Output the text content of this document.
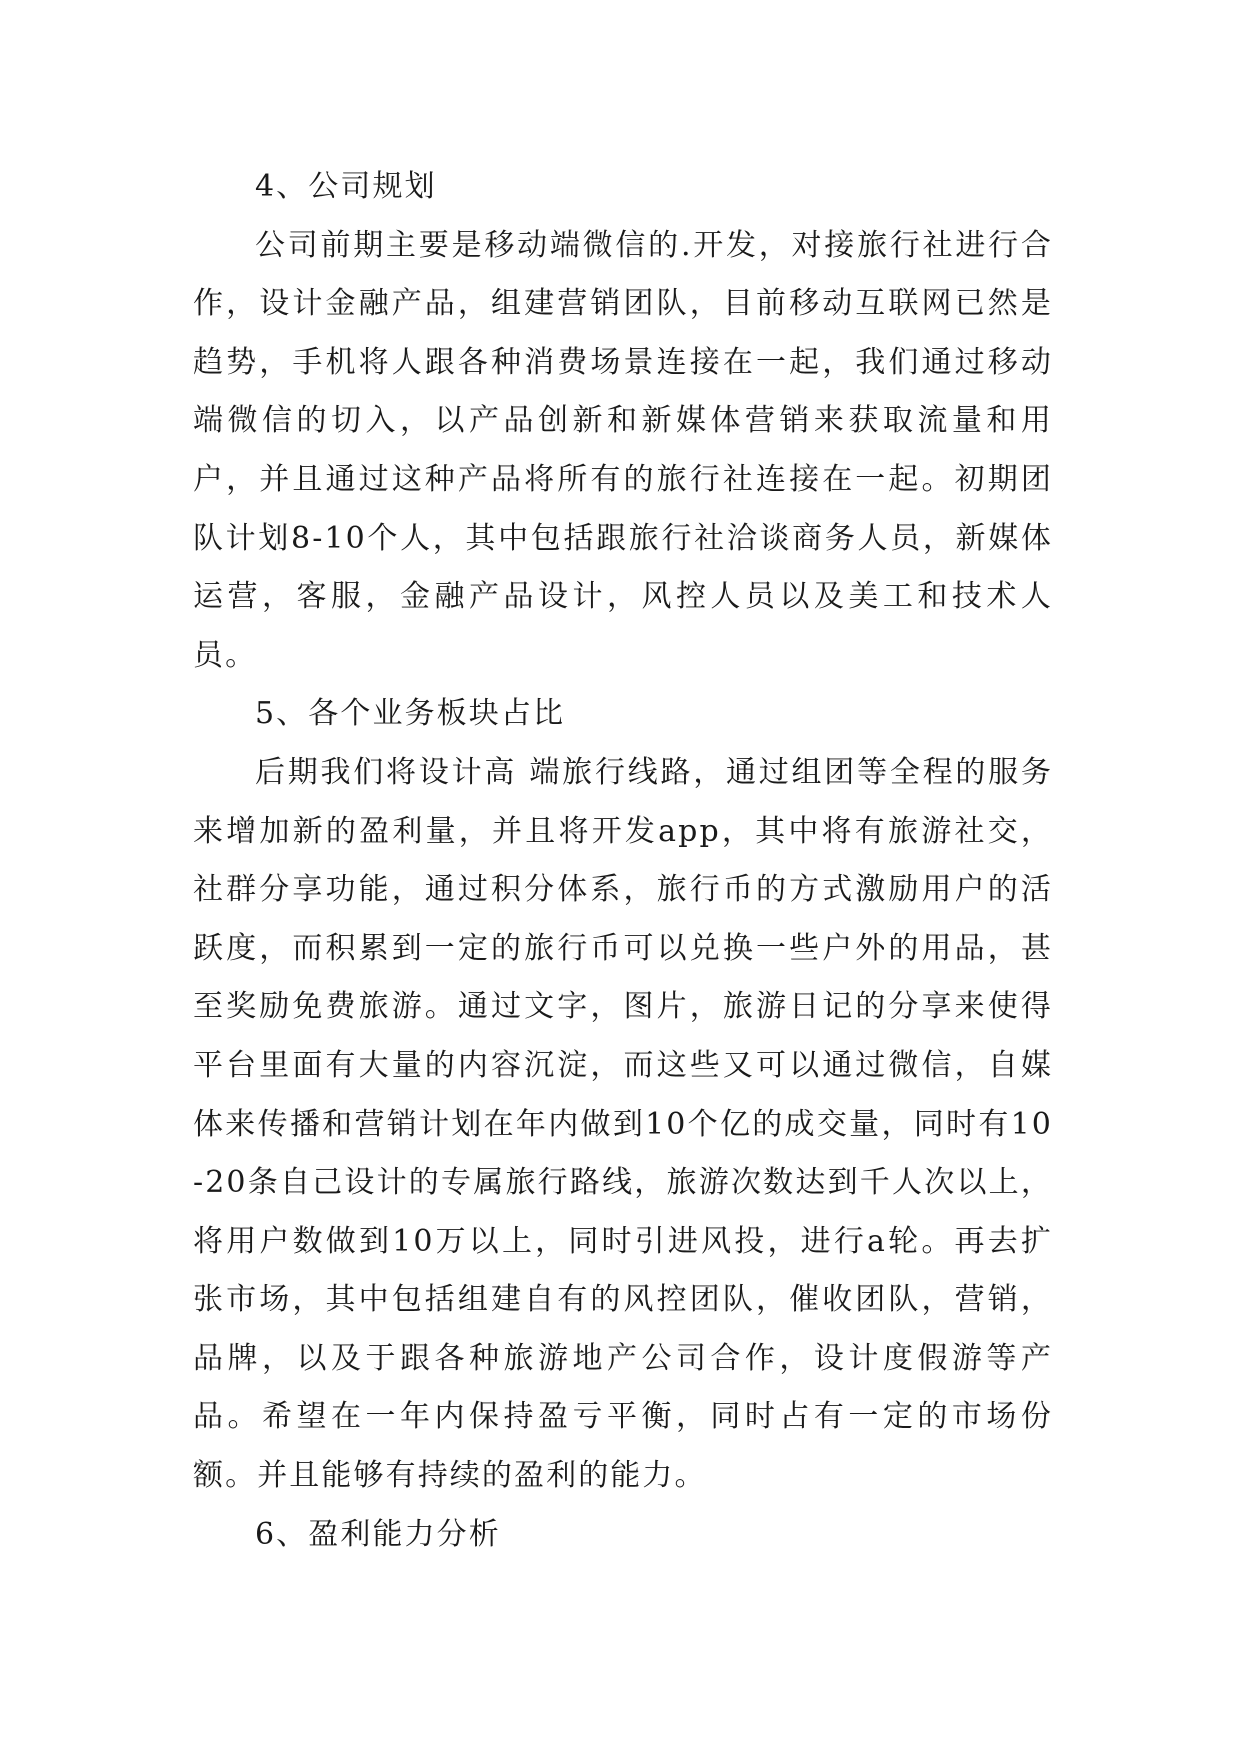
4、公司规划

公司前期主要是移动端微信的.开发，对接旅行社进行合作，设计金融产品，组建营销团队，目前移动互联网已然是趋势，手机将人跟各种消费场景连接在一起，我们通过移动端微信的切入，以产品创新和新媒体营销来获取流量和用户，并且通过这种产品将所有的旅行社连接在一起。初期团队计划8-10个人，其中包括跟旅行社洽谈商务人员，新媒体运营，客服，金融产品设计，风控人员以及美工和技术人员。

5、各个业务板块占比

后期我们将设计高 端旅行线路，通过组团等全程的服务来增加新的盈利量，并且将开发app，其中将有旅游社交，社群分享功能，通过积分体系，旅行币的方式激励用户的活跃度，而积累到一定的旅行币可以兑换一些户外的用品，甚至奖励免费旅游。通过文字，图片，旅游日记的分享来使得平台里面有大量的内容沉淀，而这些又可以通过微信，自媒体来传播和营销计划在年内做到10个亿的成交量，同时有10-20条自己设计的专属旅行路线，旅游次数达到千人次以上，将用户数做到10万以上，同时引进风投，进行a轮。再去扩张市场，其中包括组建自有的风控团队，催收团队，营销，品牌，以及于跟各种旅游地产公司合作，设计度假游等产品。希望在一年内保持盈亏平衡，同时占有一定的市场份额。并且能够有持续的盈利的能力。

6、盈利能力分析
